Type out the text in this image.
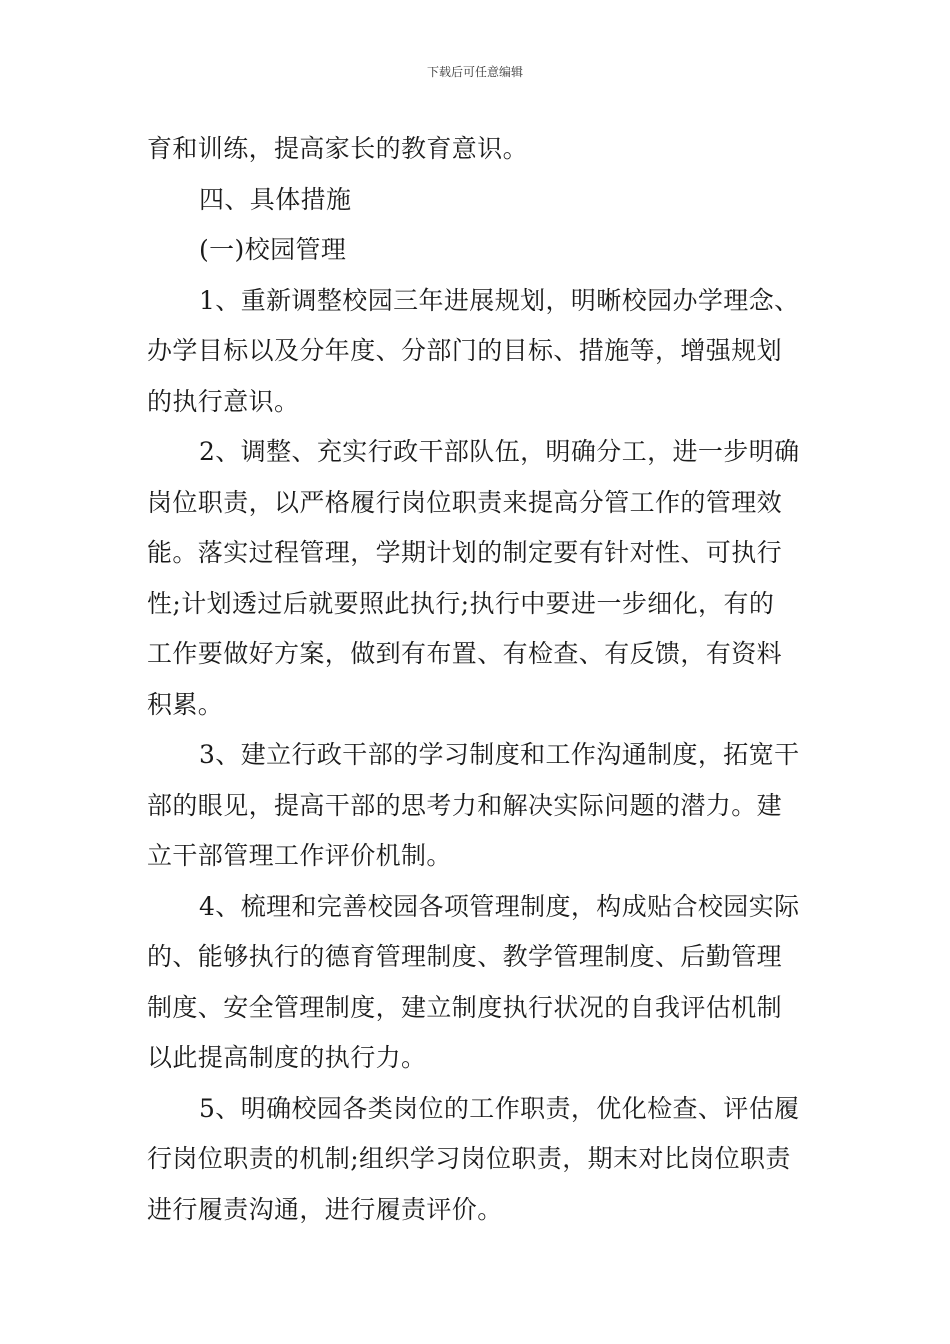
下载后可任意编辑
育和训练，提高家长的教育意识。
四、具体措施
(一)校园管理
1、重新调整校园三年进展规划，明晰校园办学理念、
办学目标以及分年度、分部门的目标、措施等，增强规划
的执行意识。
2、调整、充实行政干部队伍，明确分工，进一步明确
岗位职责，以严格履行岗位职责来提高分管工作的管理效
能。落实过程管理，学期计划的制定要有针对性、可执行
性;计划透过后就要照此执行;执行中要进一步细化，有的
工作要做好方案，做到有布置、有检查、有反馈，有资料
积累。
3、建立行政干部的学习制度和工作沟通制度，拓宽干
部的眼见，提高干部的思考力和解决实际问题的潜力。建
立干部管理工作评价机制。
4、梳理和完善校园各项管理制度，构成贴合校园实际
的、能够执行的德育管理制度、教学管理制度、后勤管理
制度、安全管理制度，建立制度执行状况的自我评估机制
以此提高制度的执行力。
5、明确校园各类岗位的工作职责，优化检查、评估履
行岗位职责的机制;组织学习岗位职责，期末对比岗位职责
进行履责沟通，进行履责评价。
